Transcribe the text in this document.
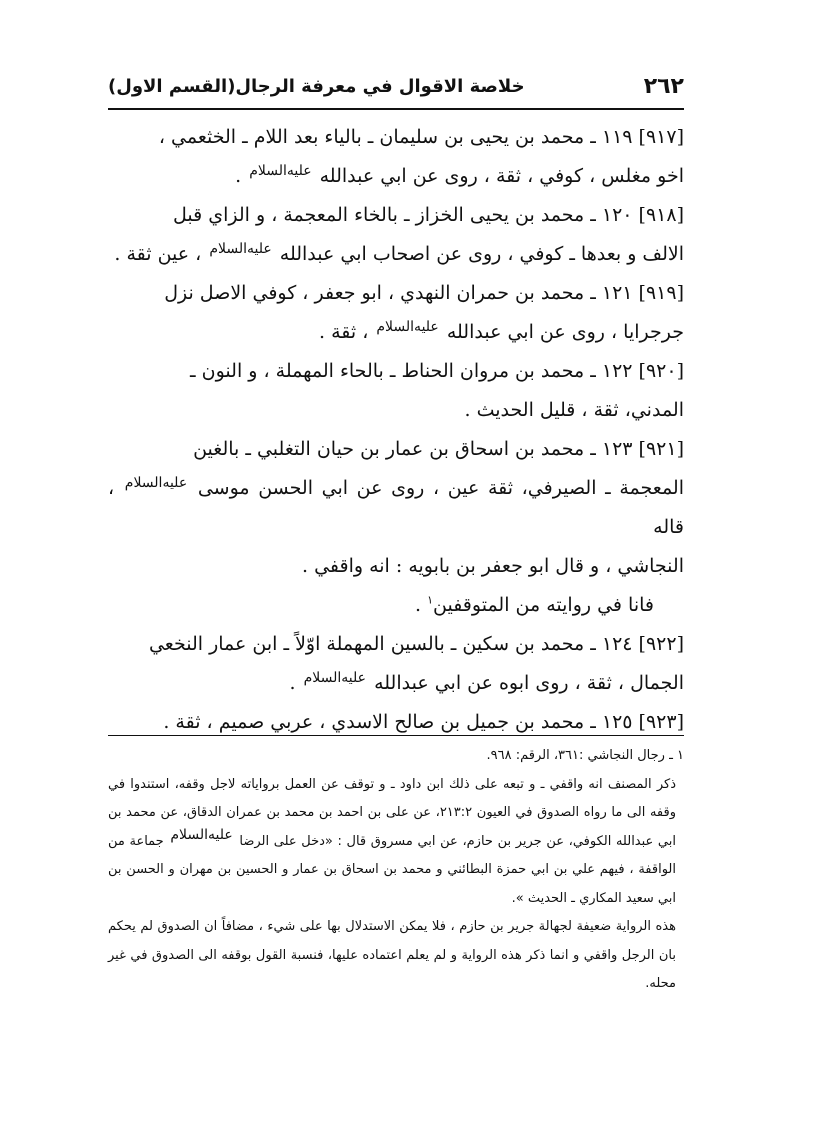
٢٦٢
خلاصة الاقوال في معرفة الرجال(القسم الاول)

[٩١٧] ١١٩ ـ محمد بن يحيى بن سليمان ـ بالياء بعد اللام ـ الخثعمي ،
اخو مغلس ، كوفي ، ثقة ، روى عن ابي عبدالله عليه‌السلام .

[٩١٨] ١٢٠ ـ محمد بن يحيى الخزاز ـ بالخاء المعجمة ، و الزاي قبل
الالف و بعدها ـ كوفي ، روى عن اصحاب ابي عبدالله عليه‌السلام ، عين ثقة .

[٩١٩] ١٢١ ـ محمد بن حمران النهدي ، ابو جعفر ، كوفي الاصل نزل
جرجرايا ، روى عن ابي عبدالله عليه‌السلام ، ثقة .

[٩٢٠] ١٢٢ ـ محمد بن مروان الحناط ـ بالحاء المهملة ، و النون ـ
المدني، ثقة ، قليل الحديث .

[٩٢١] ١٢٣ ـ محمد بن اسحاق بن عمار بن حيان التغلبي ـ بالغين
المعجمة ـ الصيرفي، ثقة عين ، روى عن ابي الحسن موسى عليه‌السلام ، قاله
النجاشي ، و قال ابو جعفر بن بابويه : انه واقفي .

فانا في روايته من المتوقفين$^١$ .

[٩٢٢] ١٢٤ ـ محمد بن سكين ـ بالسين المهملة اوّلاً ـ ابن عمار النخعي
الجمال ، ثقة ، روى ابوه عن ابي عبدالله عليه‌السلام .

[٩٢٣] ١٢٥ ـ محمد بن جميل بن صالح الاسدي ، عربي صميم ، ثقة .

١ ـ رجال النجاشي :٣٦١، الرقم: ٩٦٨.

ذكر المصنف انه واقفي ـ و تبعه على ذلك ابن داود ـ و توقف عن العمل برواياته لاجل وقفه، استندوا في وقفه الى ما رواه الصدوق في العيون ٢١٣:٢، عن على بن احمد بن محمد بن عمران الدقاق، عن محمد بن ابي عبدالله الكوفي، عن جرير بن حازم، عن ابي مسروق قال : «دخل على الرضا عليه‌السلام جماعة من الواقفة ، فيهم علي بن ابي حمزة البطائني و محمد بن اسحاق بن عمار و الحسين بن مهران و الحسن بن ابي سعيد المكاري ـ الحديث ».

هذه الرواية ضعيفة لجهالة جرير بن حازم ، فلا يمكن الاستدلال بها على شيء ، مضافاً ان الصدوق لم يحكم بان الرجل واقفي و انما ذكر هذه الرواية و لم يعلم اعتماده عليها، فنسبة القول بوقفه الى الصدوق في غير محله.
